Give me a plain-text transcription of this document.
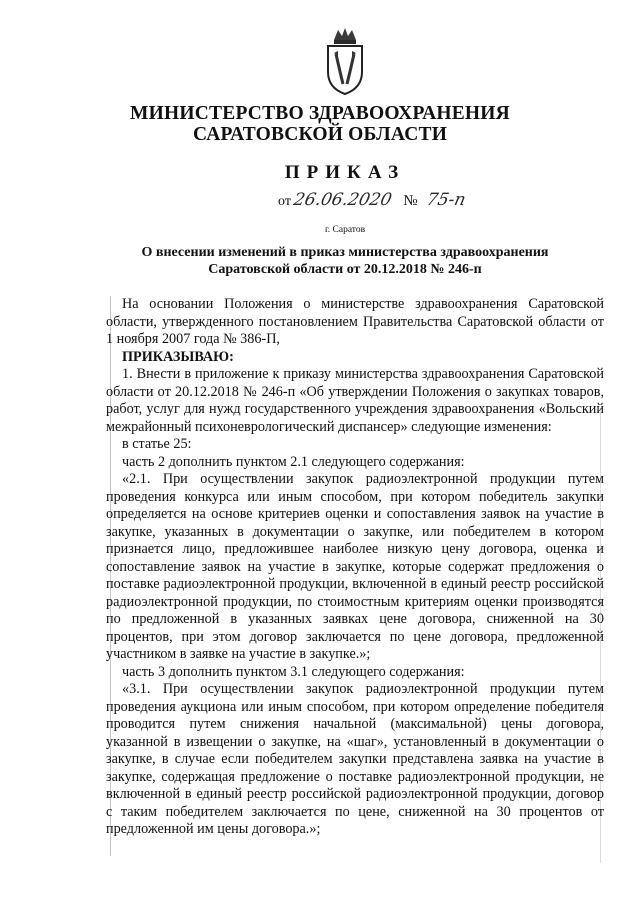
МИНИСТЕРСТВО ЗДРАВООХРАНЕНИЯ
САРАТОВСКОЙ ОБЛАСТИ
ПРИКАЗ
от 26.06.2020 № 75-п
г. Саратов
О внесении изменений в приказ министерства здравоохранения
Саратовской области от 20.12.2018 № 246-п

На основании Положения о министерстве здравоохранения Саратовской области, утвержденного постановлением Правительства Саратовской области от 1 ноября 2007 года № 386-П,

ПРИКАЗЫВАЮ:

1. Внести в приложение к приказу министерства здравоохранения Саратовской области от 20.12.2018 № 246-п «Об утверждении Положения о закупках товаров, работ, услуг для нужд государственного учреждения здравоохранения «Вольский межрайонный психоневрологический диспансер» следующие изменения:

в статье 25:

часть 2 дополнить пунктом 2.1 следующего содержания:

«2.1. При осуществлении закупок радиоэлектронной продукции путем проведения конкурса или иным способом, при котором победитель закупки определяется на основе критериев оценки и сопоставления заявок на участие в закупке, указанных в документации о закупке, или победителем в котором признается лицо, предложившее наиболее низкую цену договора, оценка и сопоставление заявок на участие в закупке, которые содержат предложения о поставке радиоэлектронной продукции, включенной в единый реестр российской радиоэлектронной продукции, по стоимостным критериям оценки производятся по предложенной в указанных заявках цене договора, сниженной на 30 процентов, при этом договор заключается по цене договора, предложенной участником в заявке на участие в закупке.»;

часть 3 дополнить пунктом 3.1 следующего содержания:

«3.1. При осуществлении закупок радиоэлектронной продукции путем проведения аукциона или иным способом, при котором определение победителя проводится путем снижения начальной (максимальной) цены договора, указанной в извещении о закупке, на «шаг», установленный в документации о закупке, в случае если победителем закупки представлена заявка на участие в закупке, содержащая предложение о поставке радиоэлектронной продукции, не включенной в единый реестр российской радиоэлектронной продукции, договор с таким победителем заключается по цене, сниженной на 30 процентов от предложенной им цены договора.»;
